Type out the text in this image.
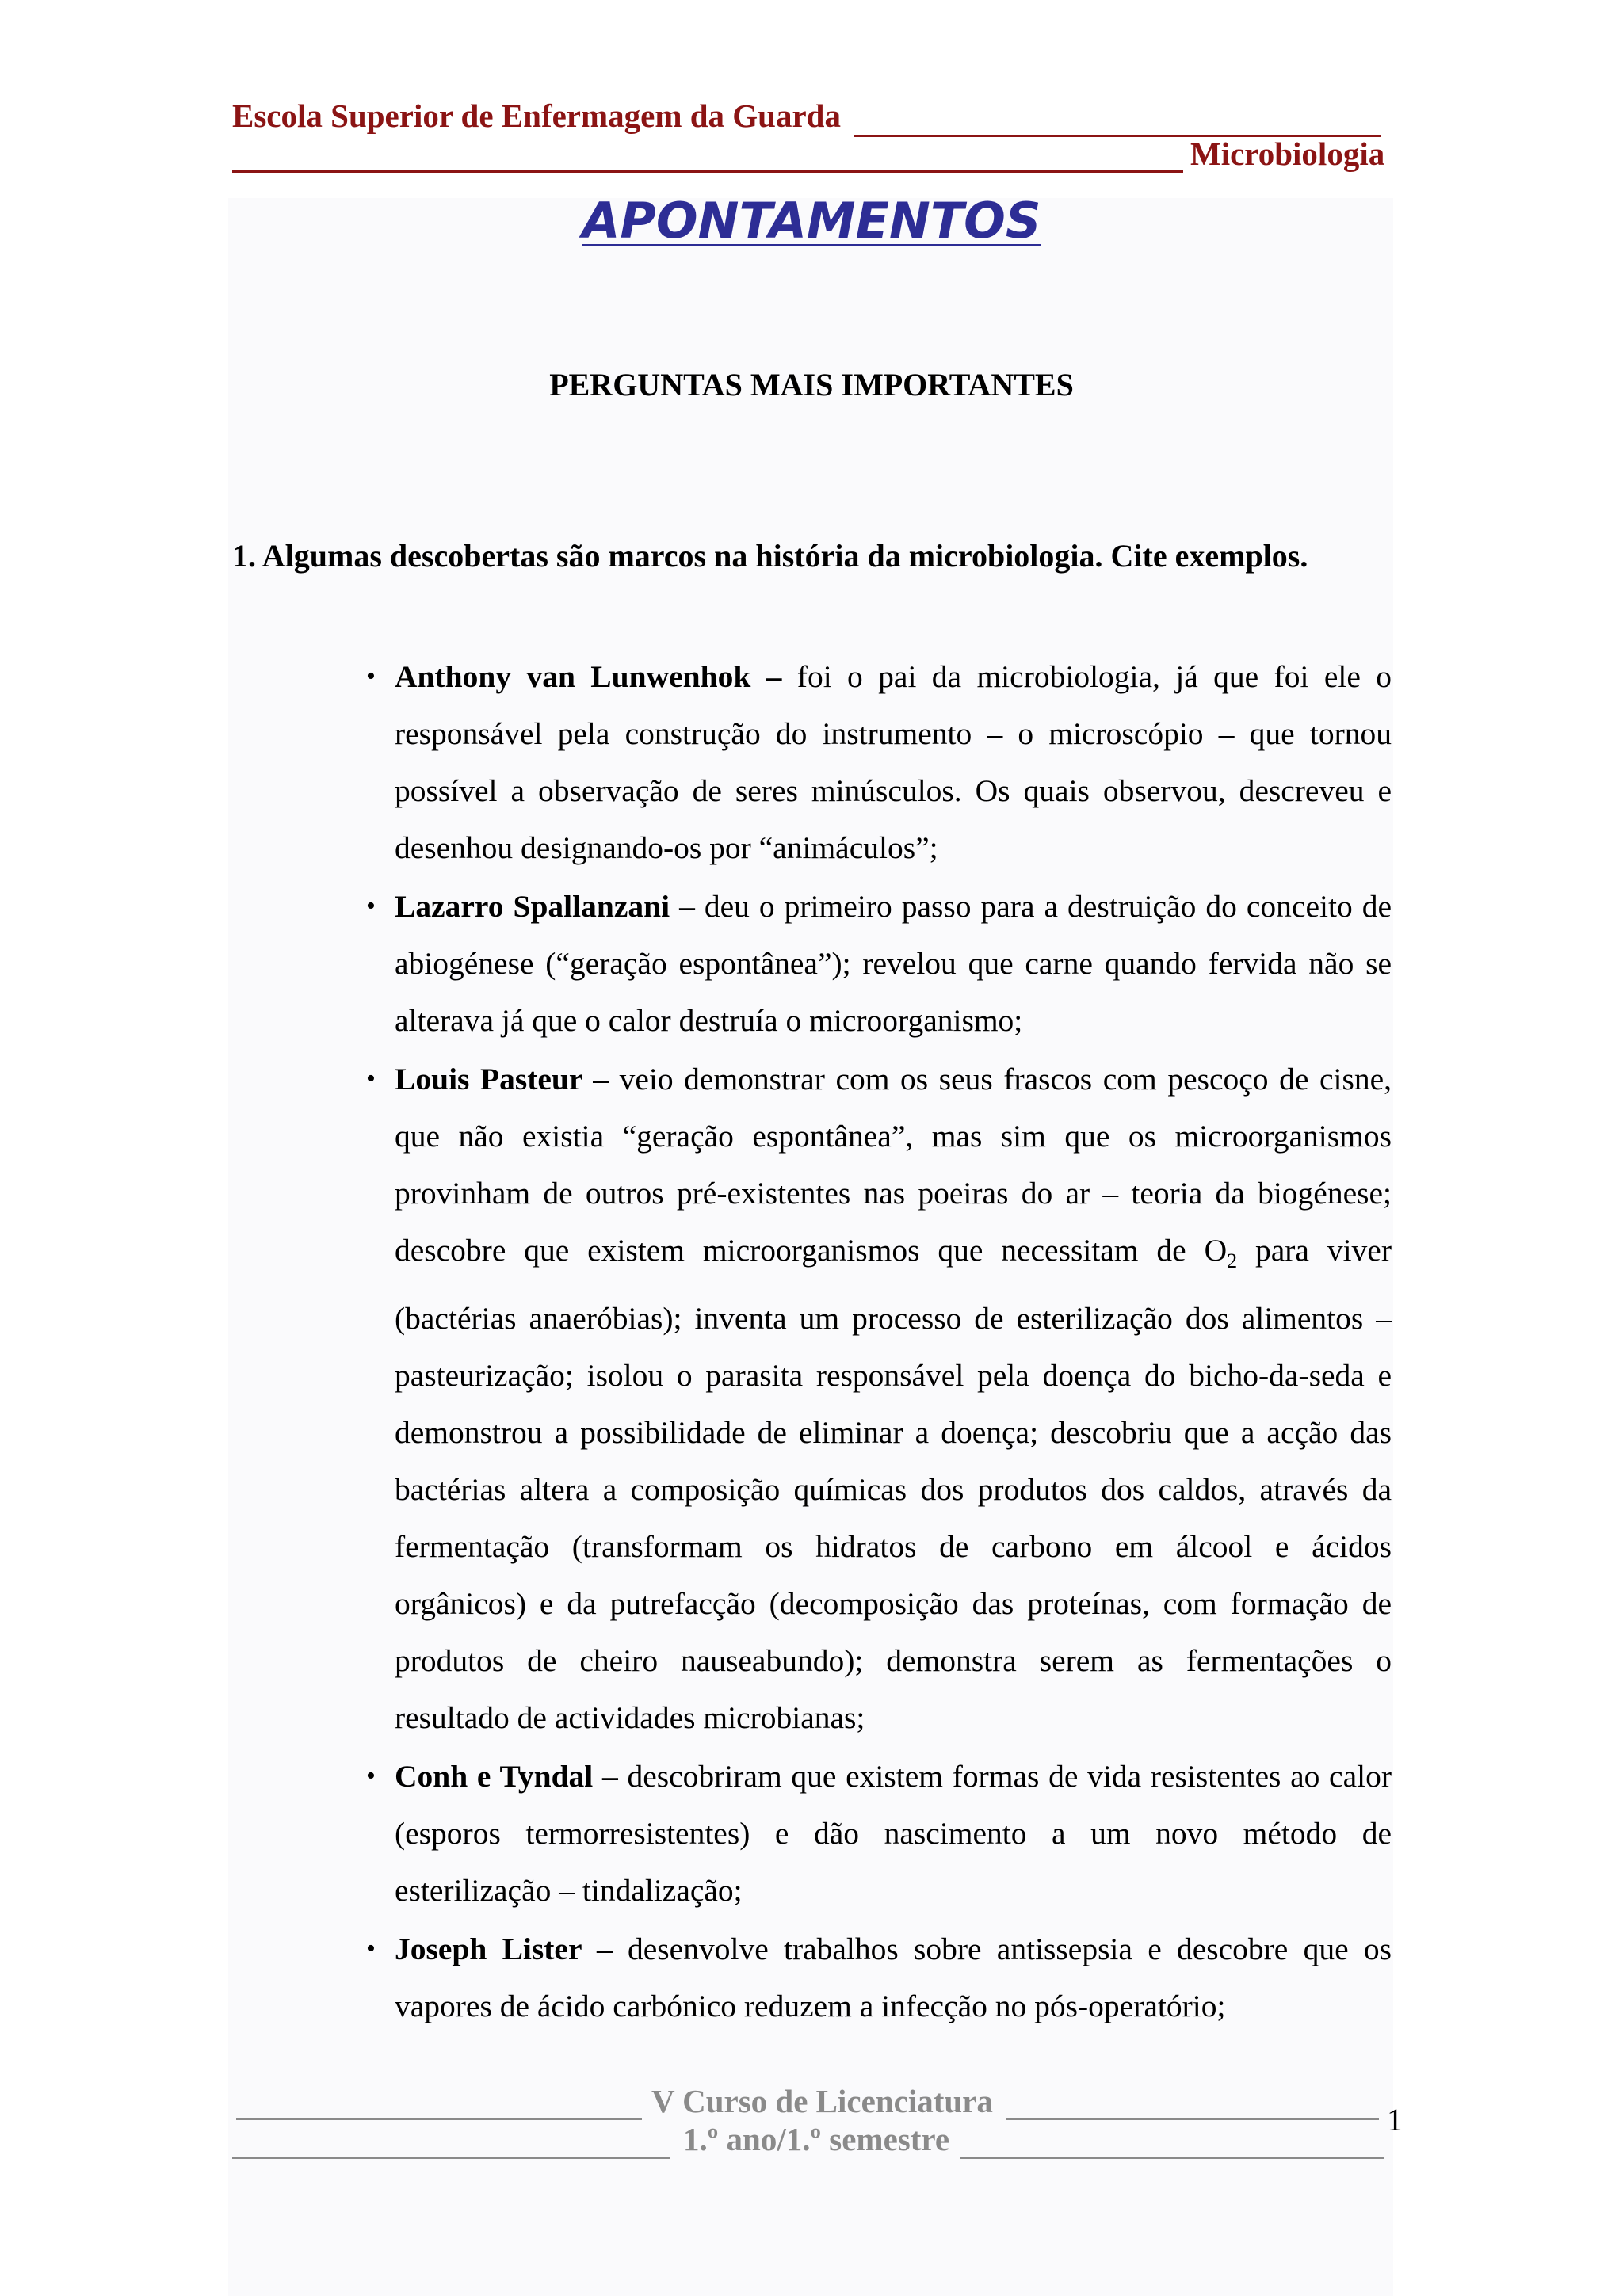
Escola Superior de Enfermagem da Guarda
Microbiologia
APONTAMENTOS
PERGUNTAS MAIS IMPORTANTES
1. Algumas descobertas são marcos na história da microbiologia. Cite exemplos.
• Anthony van Lunwenhok – foi o pai da microbiologia, já que foi ele o responsável pela construção do instrumento – o microscópio – que tornou possível a observação de seres minúsculos. Os quais observou, descreveu e desenhou designando-os por “animáculos”;
• Lazarro Spallanzani – deu o primeiro passo para a destruição do conceito de abiogénese (“geração espontânea”); revelou que carne quando fervida não se alterava já que o calor destruía o microorganismo;
• Louis Pasteur – veio demonstrar com os seus frascos com pescoço de cisne, que não existia “geração espontânea”, mas sim que os microorganismos provinham de outros pré-existentes nas poeiras do ar – teoria da biogénese; descobre que existem microorganismos que necessitam de $O_2$ para viver (bactérias anaeróbias); inventa um processo de esterilização dos alimentos – pasteurização; isolou o parasita responsável pela doença do bicho-da-seda e demonstrou a possibilidade de eliminar a doença; descobriu que a acção das bactérias altera a composição químicas dos produtos dos caldos, através da fermentação (transformam os hidratos de carbono em álcool e ácidos orgânicos) e da putrefacção (decomposição das proteínas, com formação de produtos de cheiro nauseabundo); demonstra serem as fermentações o resultado de actividades microbianas;
• Conh e Tyndal – descobriram que existem formas de vida resistentes ao calor (esporos termorresistentes) e dão nascimento a um novo método de esterilização – tindalização;
• Joseph Lister – desenvolve trabalhos sobre antissepsia e descobre que os vapores de ácido carbónico reduzem a infecção no pós-operatório;
V Curso de Licenciatura
1
1.º ano/1.º semestre
